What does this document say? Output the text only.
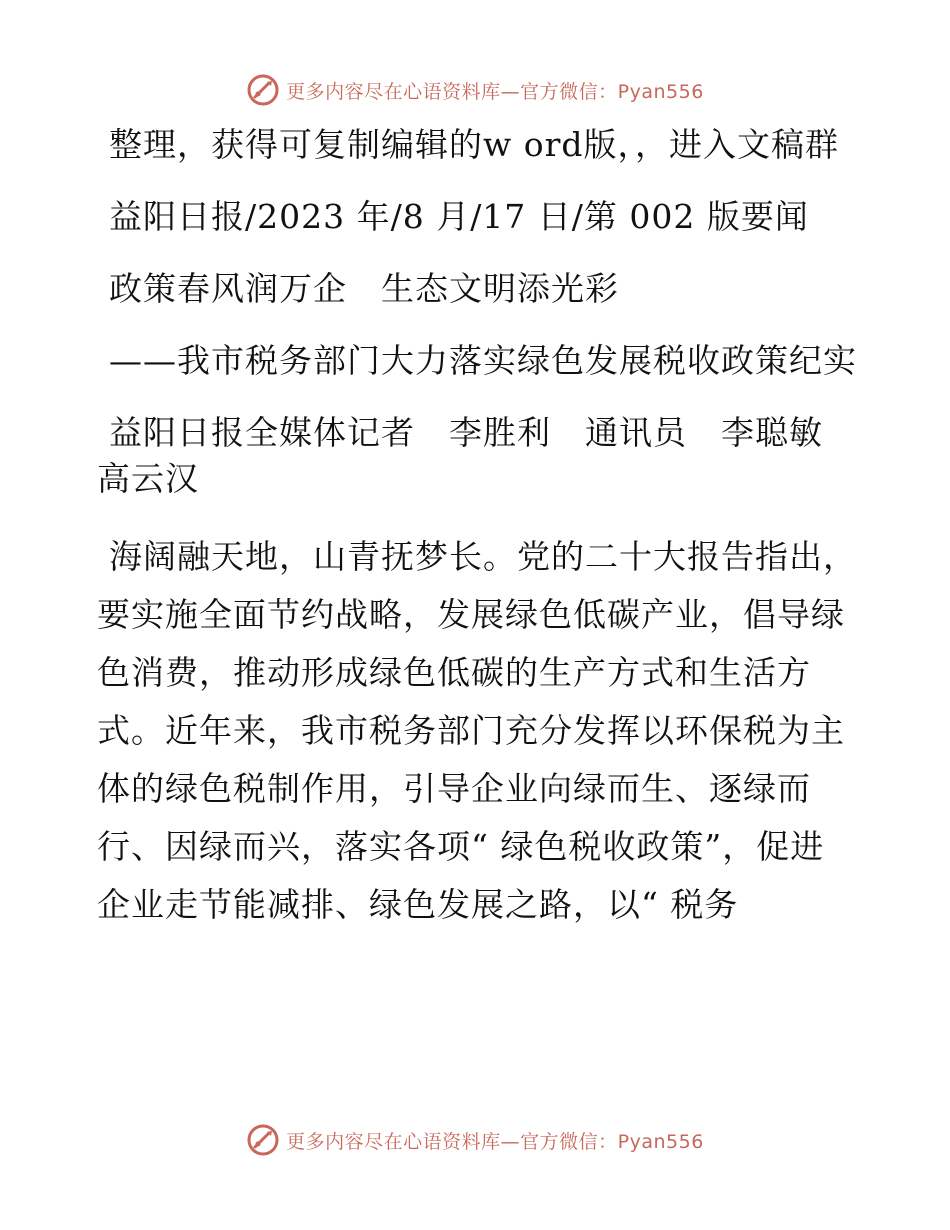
更多内容尽在心语资料库—官方微信：Pyan556

整理，获得可复制编辑的w ord版，，进入文稿群

益阳日报/2023 年/8 月/17 日/第 002 版要闻

政策春风润万企　生态文明添光彩

——我市税务部门大力落实绿色发展税收政策纪实

益阳日报全媒体记者　李胜利　通讯员　李聪敏　高云汉

海阔融天地，山青抚梦长。党的二十大报告指出，要实施全面节约战略，发展绿色低碳产业，倡导绿色消费，推动形成绿色低碳的生产方式和生活方式。近年来，我市税务部门充分发挥以环保税为主体的绿色税制作用，引导企业向绿而生、逐绿而行、因绿而兴，落实各项“ 绿色税收政策”，促进企业走节能减排、绿色发展之路，以“ 税务

更多内容尽在心语资料库—官方微信：Pyan556
